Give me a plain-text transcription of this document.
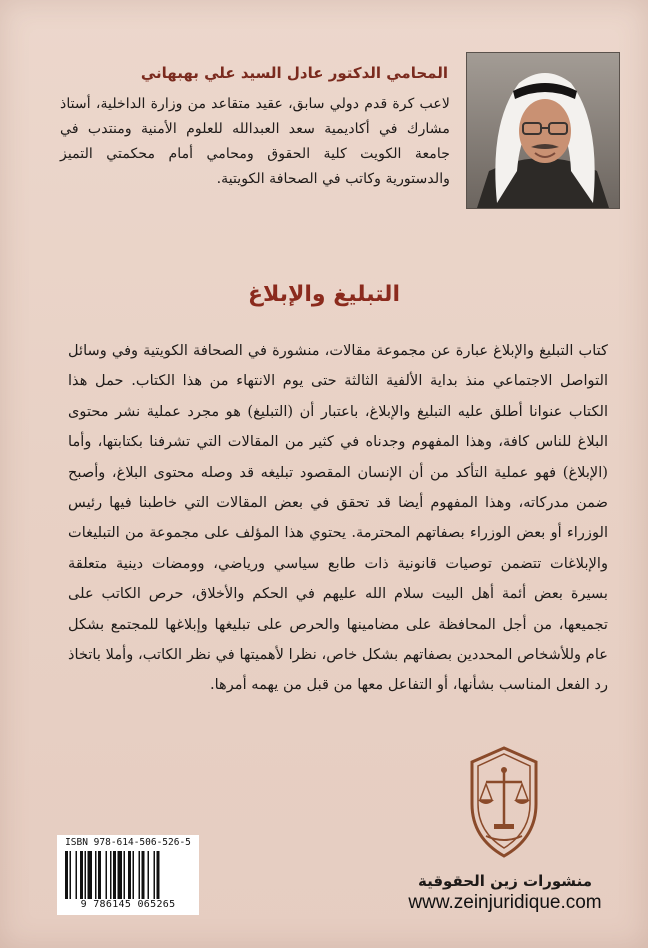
المحامي الدكتور عادل السيد علي بهبهاني
لاعب كرة قدم دولي سابق، عقيد متقاعد من وزارة الداخلية، أستاذ مشارك في أكاديمية سعد العبدالله للعلوم الأمنية ومنتدب في جامعة الكويت كلية الحقوق ومحامي أمام محكمتي التميز والدستورية وكاتب في الصحافة الكويتية.
التبليغ والإبلاغ
كتاب التبليغ والإبلاغ عبارة عن مجموعة مقالات، منشورة في الصحافة الكويتية وفي وسائل التواصل الاجتماعي منذ بداية الألفية الثالثة حتى يوم الانتهاء من هذا الكتاب. حمل هذا الكتاب عنوانا أطلق عليه التبليغ والإبلاغ، باعتبار أن (التبليغ) هو مجرد عملية نشر محتوى البلاغ للناس كافة، وهذا المفهوم وجدناه في كثير من المقالات التي تشرفنا بكتابتها، وأما (الإبلاغ) فهو عملية التأكد من أن الإنسان المقصود تبليغه قد وصله محتوى البلاغ، وأصبح ضمن مدركاته، وهذا المفهوم أيضا قد تحقق في بعض المقالات التي خاطبنا فيها رئيس الوزراء أو بعض الوزراء بصفاتهم المحترمة. يحتوي هذا المؤلف على مجموعة من التبليغات والإبلاغات تتضمن توصيات قانونية ذات طابع سياسي ورياضي، وومضات دينية متعلقة بسيرة بعض أئمة أهل البيت سلام الله عليهم في الحكم والأخلاق، حرص الكاتب على تجميعها، من أجل المحافظة على مضامينها والحرص على تبليغها وإبلاغها للمجتمع بشكل عام وللأشخاص المحددين بصفاتهم بشكل خاص، نظرا لأهميتها في نظر الكاتب، وأملا باتخاذ رد الفعل المناسب بشأنها، أو التفاعل معها من قبل من يهمه أمرها.
منشورات زين الحقوقية
www.zeinjuridique.com
ISBN 978-614-506-526-5
9 786145 065265
